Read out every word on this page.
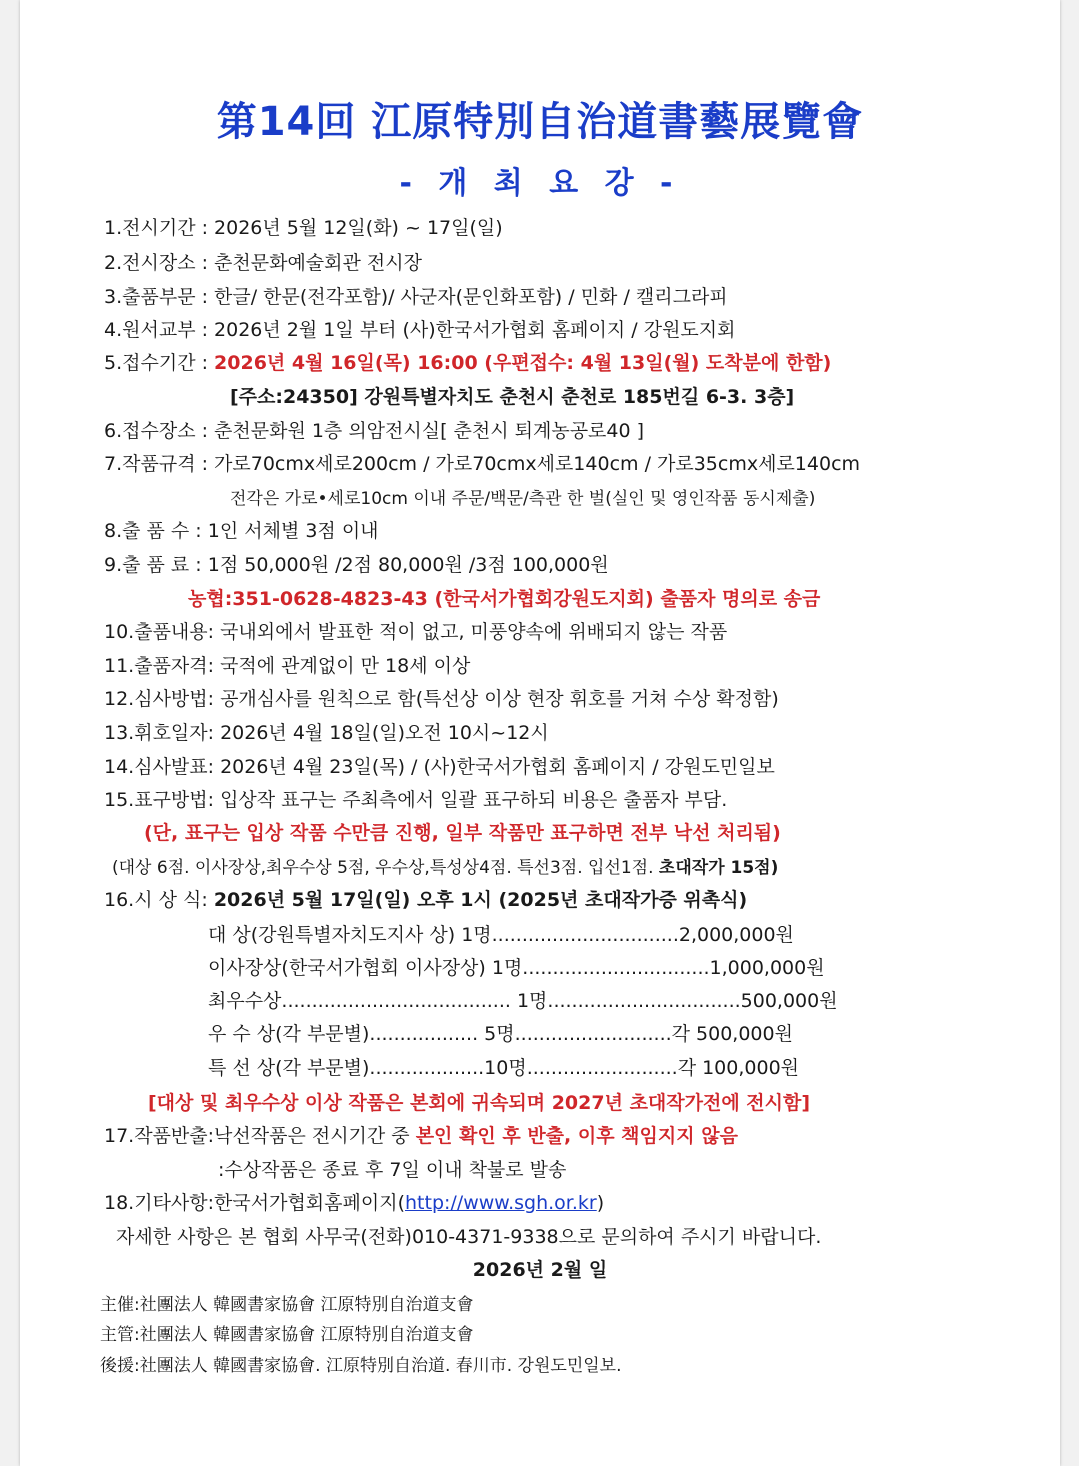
第14回 江原特別自治道書藝展覽會
- 개 최 요 강 -
1.전시기간 : 2026년 5월 12일(화) ~ 17일(일)
2.전시장소 : 춘천문화예술회관 전시장
3.출품부문 : 한글/ 한문(전각포함)/ 사군자(문인화포함) / 민화 / 캘리그라피
4.원서교부 : 2026년 2월 1일 부터 (사)한국서가협회 홈페이지 / 강원도지회
5.접수기간 : 2026년 4월 16일(목) 16:00 (우편접수: 4월 13일(월) 도착분에 한함)
[주소:24350] 강원특별자치도 춘천시 춘천로 185번길 6-3. 3층]
6.접수장소 : 춘천문화원 1층 의암전시실[ 춘천시 퇴계농공로40 ]
7.작품규격 : 가로70cmx세로200cm / 가로70cmx세로140cm / 가로35cmx세로140cm
전각은 가로•세로10cm 이내 주문/백문/측관 한 벌(실인 및 영인작품 동시제출)
8.출 품 수 : 1인 서체별 3점 이내
9.출 품 료 : 1점 50,000원 /2점 80,000원 /3점 100,000원
농협:351-0628-4823-43 (한국서가협회강원도지회) 출품자 명의로 송금
10.출품내용: 국내외에서 발표한 적이 없고, 미풍양속에 위배되지 않는 작품
11.출품자격: 국적에 관계없이 만 18세 이상
12.심사방법: 공개심사를 원칙으로 함(특선상 이상 현장 휘호를 거쳐 수상 확정함)
13.휘호일자: 2026년 4월 18일(일)오전 10시~12시
14.심사발표: 2026년 4월 23일(목) / (사)한국서가협회 홈페이지 / 강원도민일보
15.표구방법: 입상작 표구는 주최측에서 일괄 표구하되 비용은 출품자 부담.
(단, 표구는 입상 작품 수만큼 진행, 일부 작품만 표구하면 전부 낙선 처리됨)
(대상 6점. 이사장상,최우수상 5점, 우수상,특성상4점. 특선3점. 입선1점. 초대작가 15점)
16.시 상 식: 2026년 5월 17일(일) 오후 1시 (2025년 초대작가증 위촉식)
대 상(강원특별자치도지사 상) 1명...............................2,000,000원
이사장상(한국서가협회 이사장상) 1명...............................1,000,000원
최우수상...................................... 1명................................500,000원
우 수 상(각 부문별).................. 5명..........................각 500,000원
특 선 상(각 부문별)...................10명.........................각 100,000원
[대상 및 최우수상 이상 작품은 본회에 귀속되며 2027년 초대작가전에 전시함]
17.작품반출:낙선작품은 전시기간 중 본인 확인 후 반출, 이후 책임지지 않음
:수상작품은 종료 후 7일 이내 착불로 발송
18.기타사항:한국서가협회홈페이지(http://www.sgh.or.kr)
자세한 사항은 본 협회 사무국(전화)010-4371-9338으로 문의하여 주시기 바랍니다.
2026년 2월 일
主催:社團法人 韓國書家協會 江原特別自治道支會
主管:社團法人 韓國書家協會 江原特別自治道支會
後援:社團法人 韓國書家協會. 江原特別自治道. 春川市. 강원도민일보.
